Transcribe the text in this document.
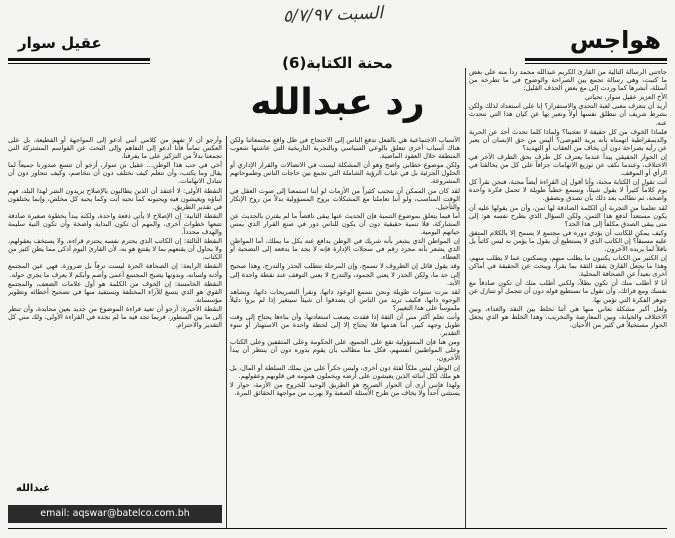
السبت ٥/٧/٩٧
عقيل سوار	هواجس
محنة الكتابة(6)
رد عبدالله

جاءتني الرسالة التالية من القارئ الكريم عبدالله محمد رداً منه على بعض ما كتبت، وهي رسالة تجمع بين الصراحة والوضوح في ما تطرحه من أسئلة، أنشرها كما وردت إلى مع بعض الحذف القليل:

الأخ العزيز عقيل سوار، تحياتي

أريد أن نتعرف معنى لعبة التحدي والاستفزاز؟ إنا على استعداد لذلك ولكن بشرط شريف أن ننطلق نفسها أولاً ونعبر بها عن كيان هذا التي نتحدث عنه.

فلماذا الخوف من كل حقيقة لا تعجبنا؟ ولماذا كلما تحدث أحد عن الحرية والديمقراطية اتهمناه بأنه يريد الفوضى؟ أليس من حق الإنسان أن يعبر عن رأيه بصراحة دون أن يخاف من العقاب أو التهديد؟

إن الحوار الحقيقي يبدأ عندما يعترف كل طرف بحق الطرف الآخر في الاختلاف، وعندما نكف عن توزيع الاتهامات جزافاً على كل من يخالفنا في الرأي أو الموقف.

أنت تقول إن الكتابة محنة، وأنا أقول إن القراءة أيضاً محنة، فنحن نقرأ كل يوم كلاماً كثيراً لا يقول شيئاً، ونسمع خطباً طويلة لا تحمل فكرة واحدة واضحة، ثم نطالب بعد ذلك بأن نصدق ونصفق.

لقد تعلمنا من التجربة أن الكلمة الصادقة لها ثمن، وأن من يقولها عليه أن يكون مستعداً لدفع هذا الثمن، ولكن السؤال الذي يطرح نفسه هو: إلى متى يبقى الصدق مكلفاً إلى هذا الحد؟

وكيف يمكن للكاتب أن يؤدي دوره في مجتمع لا يسمح إلا بالكلام المتفق عليه مسبقاً؟ إن الكاتب الذي لا يستطيع أن يقول ما يؤمن به ليس كاتباً بل ناقلاً لما يريده الآخرون.

إن الكثير من الكتاب يكتبون ما يطلب منهم، ويسكتون عما لا يطلب منهم، وهذا ما يجعل القارئ يفقد الثقة بما يقرأ، ويبحث عن الحقيقة في أماكن أخرى بعيداً عن الصحافة المحلية.

أنا لا أطلب منك أن تكون بطلاً، ولكني أطلب منك أن تكون صادقاً مع نفسك ومع قرائك، وأن تقول ما تستطيع قوله دون أن تتجمل أو تتنازل عن جوهر الفكرة التي تؤمن بها.

ولعل أكبر مشكلة نعاني منها هي أننا نخلط بين النقد والعداء، وبين الاختلاف والخيانة، وبين المعارضة والتخريب، وهذا الخلط هو الذي يجعل الحوار مستحيلاً في كثير من الأحيان.

الأسباب الاجتماعية هي بالفعل تدفع الناس إلى الاحتجاج في ظل واقع مجتمعاتنا ولكن هناك أسباب أخرى تتعلق بالوعي السياسي وبالتجربة التاريخية التي عاشتها شعوب المنطقة خلال العقود الماضية.

ولكن موضوع خطابي واضح وهو أن المشكلة ليست في الاتصالات والقرار الإداري أو الحلول الجزئية بل في غياب الرؤية الشاملة التي تجمع بين حاجات الناس وطموحاتهم المشروعة.

لقد كان من الممكن أن نتجنب كثيراً من الأزمات لو أننا استمعنا إلى صوت العقل في الوقت المناسب، ولو أننا تعاملنا مع المشكلات بروح المسؤولية بدلاً من روح الإنكار والتأجيل.

أما فيما يتعلق بموضوع التنمية فإن الحديث عنها يبقى ناقصاً ما لم يقترن بالحديث عن المشاركة، فلا تنمية حقيقية دون أن يكون للناس دور في صنع القرار الذي يمس حياتهم اليومية.

إن المواطن الذي يشعر بأنه شريك في الوطن يدافع عنه بكل ما يملك، أما المواطن الذي يشعر بأنه مجرد رقم في سجلات الإدارة فإنه لا يجد ما يدفعه إلى التضحية أو العطاء.

وقد يقول قائل إن الظروف لا تسمح، وإن المرحلة تتطلب الحذر والتدرج، وهذا صحيح إلى حد ما، ولكن الحذر لا يعني الجمود، والتدرج لا يعني التوقف عند نقطة واحدة إلى الأبد.

لقد مرت سنوات طويلة ونحن نسمع الوعود ذاتها، ونقرأ التصريحات ذاتها، ونشاهد الوجوه ذاتها، فكيف تريد من الناس أن يصدقوا أن شيئاً سيتغير إذا لم يروا دليلاً ملموساً على هذا التغيير؟

وأنت تعلم أكثر مني أن الثقة إذا فقدت يصعب استعادتها، وأن بناءها يحتاج إلى وقت طويل وجهد كبير، أما هدمها فلا يحتاج إلا إلى لحظة واحدة من الاستهتار أو سوء التقدير.

ومن هنا فإن المسؤولية تقع على الجميع، على الحكومة وعلى المثقفين وعلى الكتاب وعلى المواطنين أنفسهم، فكل منا مطالب بأن يقوم بدوره دون أن ينتظر أن يبدأ الآخرون.

إن الوطن ليس ملكاً لفئة دون أخرى، وليس حكراً على من يملك السلطة أو المال، بل هو ملك لكل أبنائه الذين يعيشون على أرضه ويحملون همومه في قلوبهم وعقولهم.

ولهذا فإنني أرى أن الحوار الصريح هو الطريق الوحيد للخروج من الأزمة، حوار لا يستثني أحداً ولا يخاف من طرح الأسئلة الصعبة ولا يهرب من مواجهة الحقائق المرة.

وأرجو أن لا تفهم من كلامي أنني أدعو إلى المواجهة أو القطيعة، بل على العكس تماماً فأنا أدعو إلى التفاهم وإلى البحث عن القواسم المشتركة التي تجمعنا بدلاً من التركيز على ما يفرقنا.

أخي في حب هذا الوطن... عقيل بن سوار، أرجو أن تتسع صدورنا جميعاً لما يقال وما يكتب، وأن نتعلم كيف نختلف دون أن نتخاصم، وكيف نتحاور دون أن نتبادل الاتهامات.

النقطة الأولى: لا أعتقد أن الذين يطالبون بالإصلاح يريدون الشر لهذا البلد، فهم أبناؤه ويعيشون فيه ويحبونه كما تحبه أنت وكما يحبه كل مخلص، وإنما يختلفون في تقدير الطريق.

النقطة الثانية: إن الإصلاح لا يأتي دفعة واحدة، ولكنه يبدأ بخطوة صغيرة صادقة تتبعها خطوات أخرى، والمهم أن تكون البداية واضحة وأن تكون النية سليمة والهدف محدداً.

النقطة الثالثة: إن الكاتب الذي يحترم نفسه يحترم قراءه، ولا يستخف بعقولهم، ولا يحاول أن يقنعهم بما لا يقتنع هو به، لأن القارئ اليوم أذكى مما يظن كثير من الكتاب.

النقطة الرابعة: إن الصحافة الحرة ليست ترفاً بل ضرورة، فهي عين المجتمع وأذنه ولسانه، وبدونها يصبح المجتمع أعمى وأصم وأبكم لا يعرف ما يجري حوله.

النقطة الخامسة: إن الخوف من الكلمة هو أول علامات الضعف، والمجتمع القوي هو الذي يتسع للآراء المختلفة ويستفيد منها في تصحيح أخطائه وتطوير مؤسساته.

النقطة الأخيرة: أرجو أن تعيد قراءة الموضوع من جديد بعين محايدة، وأن تنظر إلى ما بين السطور، فربما تجد فيه ما لم تجده في القراءة الأولى، ولك مني كل التقدير والاحترام.

عبدالله
email: aqswar@batelco.com.bh
